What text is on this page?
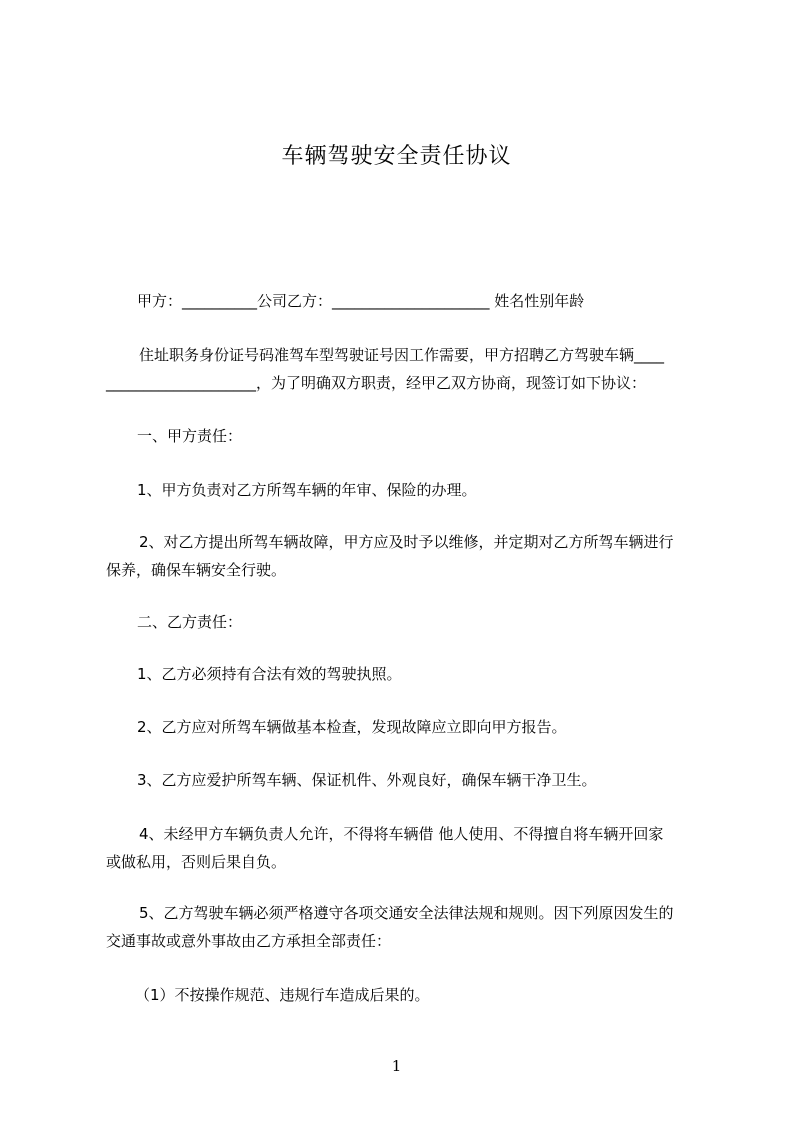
车辆驾驶安全责任协议
甲方：__________公司乙方：_____________________ 姓名性别年龄
住址职务身份证号码准驾车型驾驶证号因工作需要，甲方招聘乙方驾驶车辆____
____________________，为了明确双方职责，经甲乙双方协商，现签订如下协议：
一、甲方责任：
1、甲方负责对乙方所驾车辆的年审、保险的办理。
2、对乙方提出所驾车辆故障，甲方应及时予以维修，并定期对乙方所驾车辆进行
保养，确保车辆安全行驶。
二、乙方责任：
1、乙方必须持有合法有效的驾驶执照。
2、乙方应对所驾车辆做基本检查，发现故障应立即向甲方报告。
3、乙方应爱护所驾车辆、保证机件、外观良好，确保车辆干净卫生。
4、未经甲方车辆负责人允许，不得将车辆借 他人使用、不得擅自将车辆开回家
或做私用，否则后果自负。
5、乙方驾驶车辆必须严格遵守各项交通安全法律法规和规则。因下列原因发生的
交通事故或意外事故由乙方承担全部责任：
（1）不按操作规范、违规行车造成后果的。
1
